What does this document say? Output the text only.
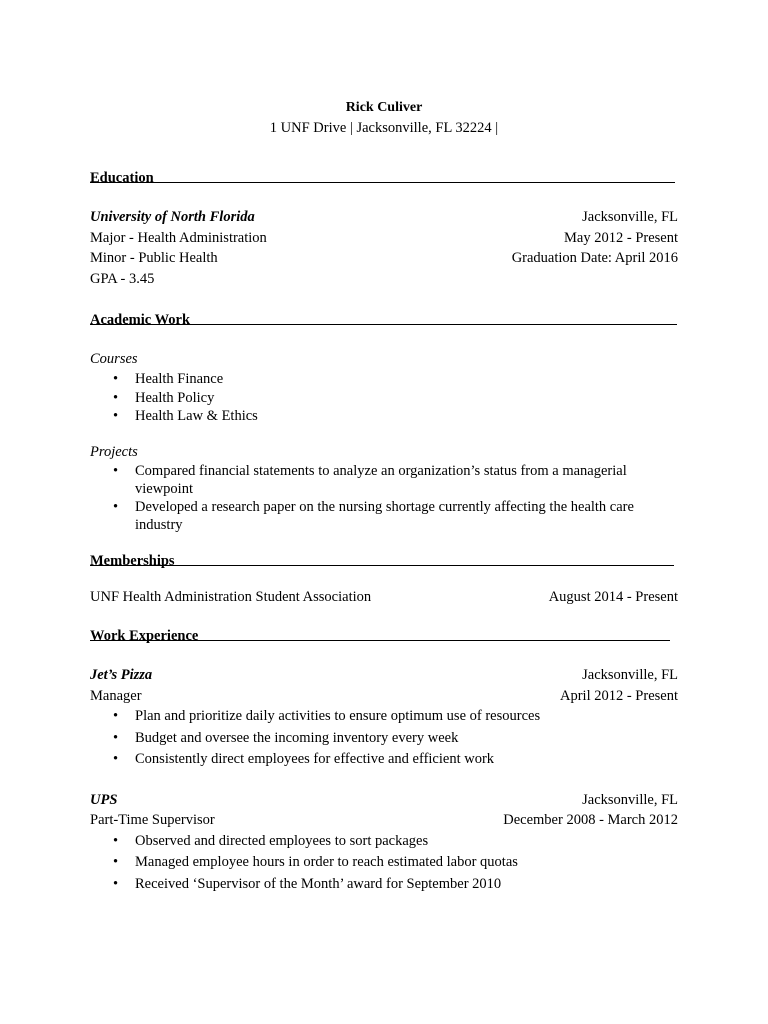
Rick Culiver
1 UNF Drive | Jacksonville, FL 32224 |
Education
University of North Florida	Jacksonville, FL
Major - Health Administration	May 2012 - Present
Minor - Public Health	Graduation Date: April 2016
GPA - 3.45
Academic Work
Courses
• Health Finance
• Health Policy
• Health Law & Ethics
Projects
• Compared financial statements to analyze an organization’s status from a managerial viewpoint
• Developed a research paper on the nursing shortage currently affecting the health care industry
Memberships
UNF Health Administration Student Association	August 2014 - Present
Work Experience
Jet’s Pizza	Jacksonville, FL
Manager	April 2012 - Present
• Plan and prioritize daily activities to ensure optimum use of resources
• Budget and oversee the incoming inventory every week
• Consistently direct employees for effective and efficient work
UPS	Jacksonville, FL
Part-Time Supervisor	December 2008 - March 2012
• Observed and directed employees to sort packages
• Managed employee hours in order to reach estimated labor quotas
• Received ‘Supervisor of the Month’ award for September 2010
